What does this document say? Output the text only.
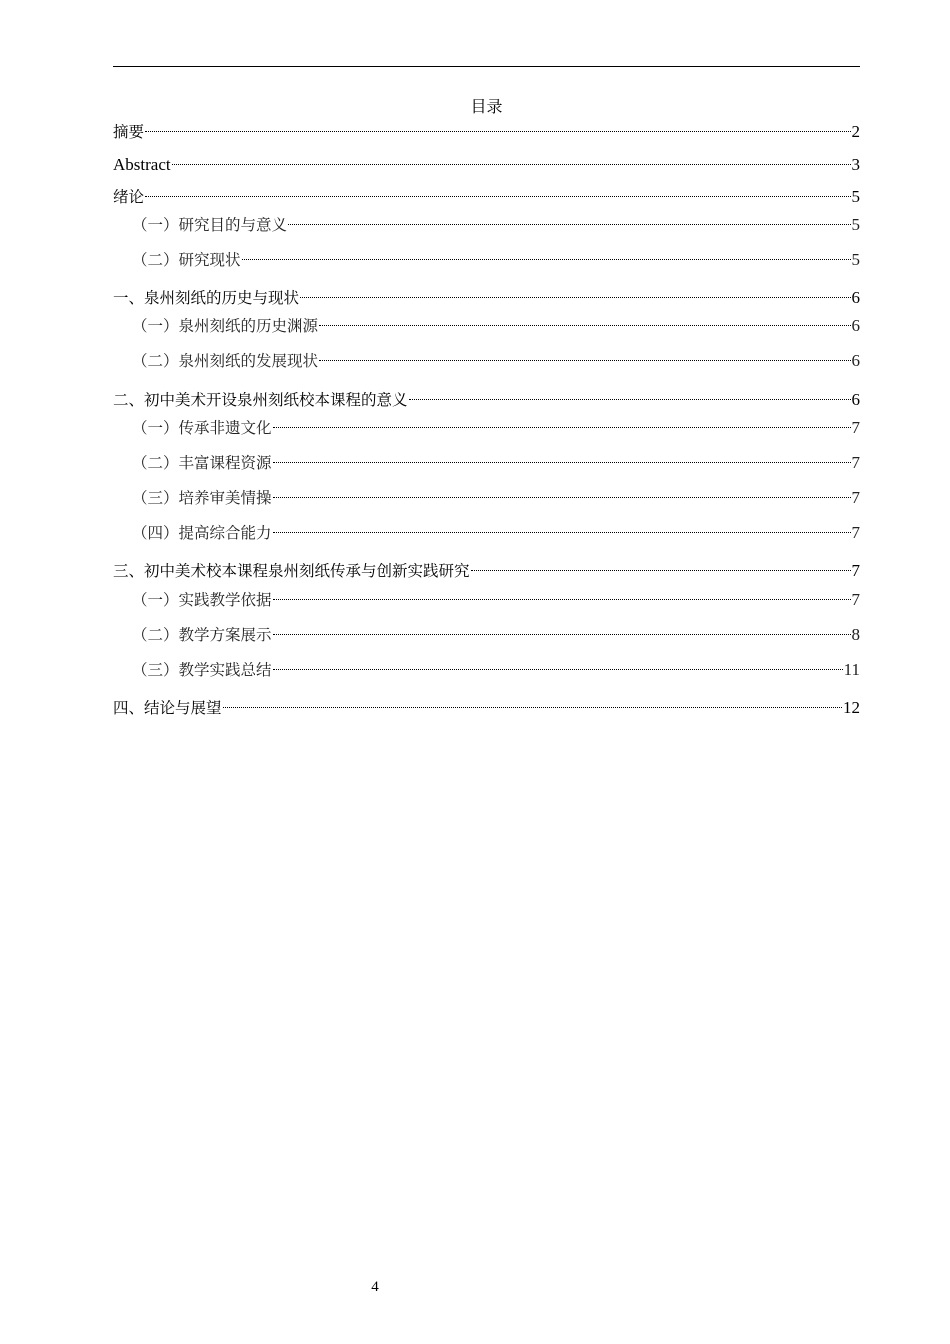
目录
摘要	2
Abstract	3
绪论	5
（一）研究目的与意义	5
（二）研究现状	5
一、泉州刻纸的历史与现状	6
（一）泉州刻纸的历史渊源	6
（二）泉州刻纸的发展现状	6
二、初中美术开设泉州刻纸校本课程的意义	6
（一）传承非遗文化	7
（二）丰富课程资源	7
（三）培养审美情操	7
（四）提高综合能力	7
三、初中美术校本课程泉州刻纸传承与创新实践研究	7
（一）实践教学依据	7
（二）教学方案展示	8
（三）教学实践总结	11
四、结论与展望	12
4
